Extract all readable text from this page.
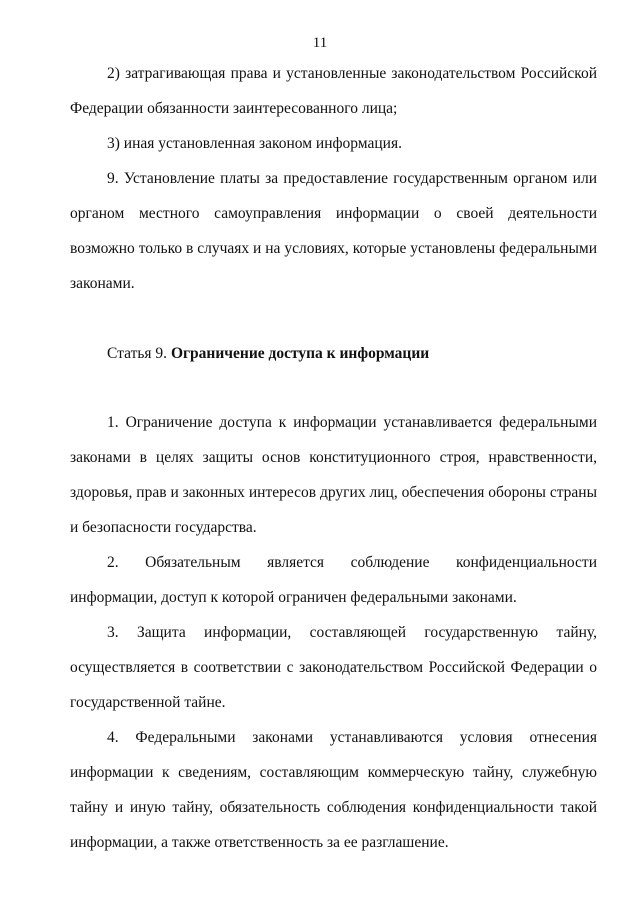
11

2) затрагивающая права и установленные законодательством Российской Федерации обязанности заинтересованного лица;

3) иная установленная законом информация.

9. Установление платы за предоставление государственным органом или органом местного самоуправления информации о своей деятельности возможно только в случаях и на условиях, которые установлены федеральными законами.

Статья 9. Ограничение доступа к информации

1. Ограничение доступа к информации устанавливается федеральными законами в целях защиты основ конституционного строя, нравственности, здоровья, прав и законных интересов других лиц, обеспечения обороны страны и безопасности государства.

2. Обязательным является соблюдение конфиденциальности информации, доступ к которой ограничен федеральными законами.

3. Защита информации, составляющей государственную тайну, осуществляется в соответствии с законодательством Российской Федерации о государственной тайне.

4. Федеральными законами устанавливаются условия отнесения информации к сведениям, составляющим коммерческую тайну, служебную тайну и иную тайну, обязательность соблюдения конфиденциальности такой информации, а также ответственность за ее разглашение.
